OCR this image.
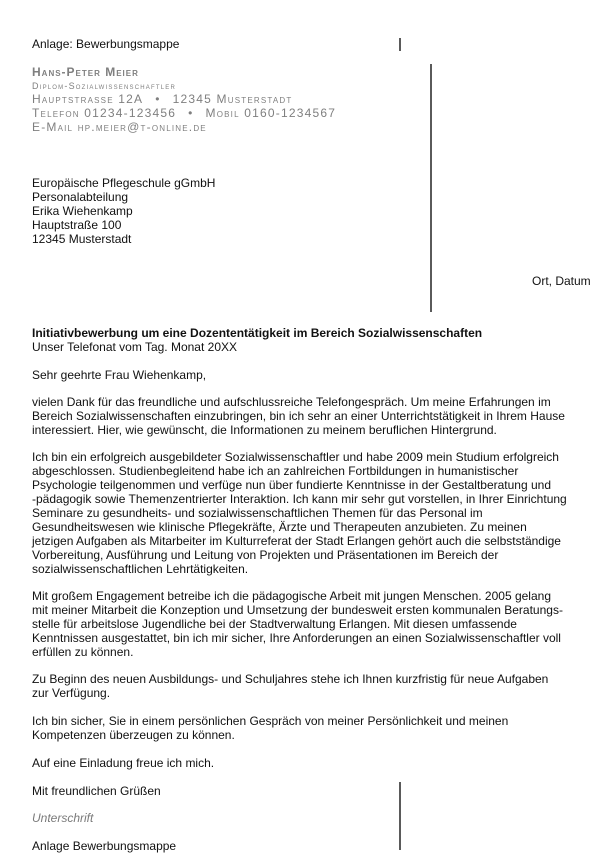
Anlage: Bewerbungsmappe
Hans-Peter Meier
Diplom-Sozialwissenschaftler
Hauptstrasse 12A • 12345 Musterstadt
Telefon 01234-123456 • Mobil 0160-1234567
E-Mail hp.meier@t-online.de
Europäische Pflegeschule gGmbH
Personalabteilung
Erika Wiehenkamp
Hauptstraße 100
12345 Musterstadt
Ort, Datum
Initiativbewerbung um eine Dozententätigkeit im Bereich Sozialwissenschaften
Unser Telefonat vom Tag. Monat 20XX
Sehr geehrte Frau Wiehenkamp,
vielen Dank für das freundliche und aufschlussreiche Telefongespräch. Um meine Erfahrungen im
Bereich Sozialwissenschaften einzubringen, bin ich sehr an einer Unterrichtstätigkeit in Ihrem Hause
interessiert. Hier, wie gewünscht, die Informationen zu meinem beruflichen Hintergrund.
Ich bin ein erfolgreich ausgebildeter Sozialwissenschaftler und habe 2009 mein Studium erfolgreich
abgeschlossen. Studienbegleitend habe ich an zahlreichen Fortbildungen in humanistischer
Psychologie teilgenommen und verfüge nun über fundierte Kenntnisse in der Gestaltberatung und
-pädagogik sowie Themenzentrierter Interaktion. Ich kann mir sehr gut vorstellen, in Ihrer Einrichtung
Seminare zu gesundheits- und sozialwissenschaftlichen Themen für das Personal im
Gesundheitswesen wie klinische Pflegekräfte, Ärzte und Therapeuten anzubieten. Zu meinen
jetzigen Aufgaben als Mitarbeiter im Kulturreferat der Stadt Erlangen gehört auch die selbstständige
Vorbereitung, Ausführung und Leitung von Projekten und Präsentationen im Bereich der
sozialwissenschaftlichen Lehrtätigkeiten.
Mit großem Engagement betreibe ich die pädagogische Arbeit mit jungen Menschen. 2005 gelang
mit meiner Mitarbeit die Konzeption und Umsetzung der bundesweit ersten kommunalen Beratungs-
stelle für arbeitslose Jugendliche bei der Stadtverwaltung Erlangen. Mit diesen umfassende
Kenntnissen ausgestattet, bin ich mir sicher, Ihre Anforderungen an einen Sozialwissenschaftler voll
erfüllen zu können.
Zu Beginn des neuen Ausbildungs- und Schuljahres stehe ich Ihnen kurzfristig für neue Aufgaben
zur Verfügung.
Ich bin sicher, Sie in einem persönlichen Gespräch von meiner Persönlichkeit und meinen
Kompetenzen überzeugen zu können.
Auf eine Einladung freue ich mich.
Mit freundlichen Grüßen
Unterschrift
Anlage Bewerbungsmappe
